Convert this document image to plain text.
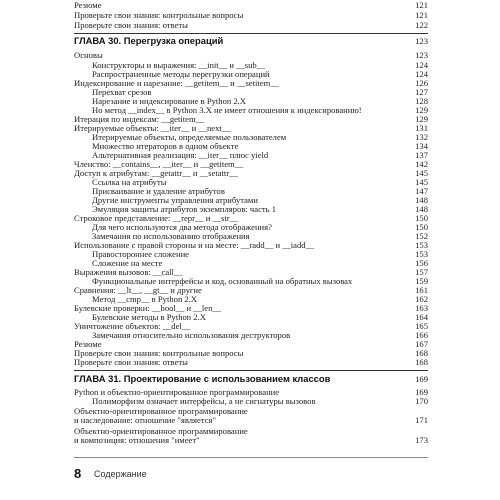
Резюме	121
Проверьте свои знания: контрольные вопросы	121
Проверьте свои знания: ответы	122
ГЛАВА 30. Перегрузка операций	123
Основы	123
Конструкторы и выражения: __init__ и __sub__	124
Распространенные методы перегрузки операций	124
Индексирование и нарезание: __getitem__ и __setitem__	126
Перехват срезов	127
Нарезание и индексирование в Python 2.X	128
Но метод __index__ в Python 3.X не имеет отношения к индексированию!	129
Итерация по индексам: __getitem__	129
Итерируемые объекты: __iter__ и __next__	131
Итерируемые объекты, определяемые пользователем	132
Множество итераторов в одном объекте	134
Альтернативная реализация: __iter__ плюс yield	137
Членство: __contains__, __iter__ и __getitem__	142
Доступ к атрибутам: __getattr__ и __setattr__	145
Ссылка на атрибуты	145
Присваивание и удаление атрибутов	147
Другие инструменты управления атрибутами	148
Эмуляция защиты атрибутов экземпляров: часть 1	148
Строковое представление: __repr__ и __str__	150
Для чего используются два метода отображения?	150
Замечания по использованию отображения	152
Использование с правой стороны и на месте: __radd__ и __iadd__	153
Правостороннее сложение	153
Сложение на месте	156
Выражения вызовов: __call__	157
Функциональные интерфейсы и код, основанный на обратных вызовах	159
Сравнения: __lt__, __gt__ и другие	161
Метод __cmp__ в Python 2.X	162
Булевские проверки: __bool__ и __len__	163
Булевские методы в Python 2.X	164
Уничтожение объектов: __del__	165
Замечания относительно использования деструкторов	166
Резюме	167
Проверьте свои знания: контрольные вопросы	168
Проверьте свои знания: ответы	168
ГЛАВА 31. Проектирование с использованием классов	169
Python и объектно-ориентированное программирование	169
Полиморфизм означает интерфейсы, а не сигнатуры вызовов	170
Объектно-ориентированное программирование
и наследование: отношение "является"	171
Объектно-ориентированное программирование
и композиция: отношения "имеет"	173
8 Содержание
